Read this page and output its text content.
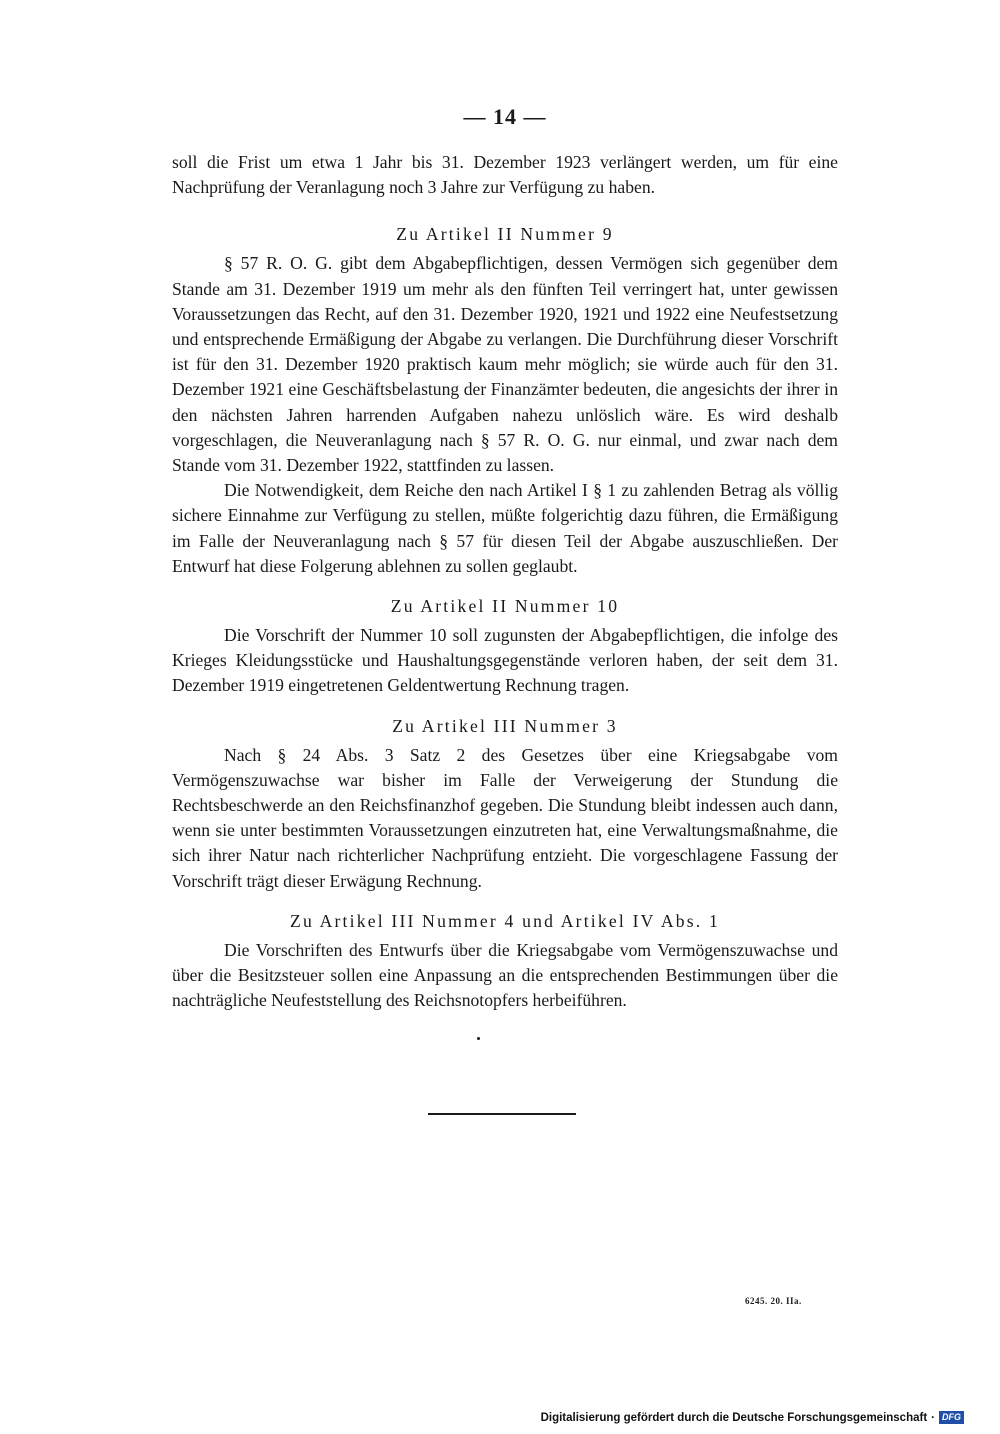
— 14 —

soll die Frist um etwa 1 Jahr bis 31. Dezember 1923 verlängert werden, um für eine Nachprüfung der Veranlagung noch 3 Jahre zur Verfügung zu haben.

Zu Artikel II Nummer 9

§ 57 R. O. G. gibt dem Abgabepflichtigen, dessen Vermögen sich gegenüber dem Stande am 31. Dezember 1919 um mehr als den fünften Teil verringert hat, unter gewissen Voraussetzungen das Recht, auf den 31. Dezember 1920, 1921 und 1922 eine Neufestsetzung und entsprechende Ermäßigung der Abgabe zu verlangen. Die Durchführung dieser Vorschrift ist für den 31. Dezember 1920 praktisch kaum mehr möglich; sie würde auch für den 31. Dezember 1921 eine Geschäftsbelastung der Finanzämter bedeuten, die angesichts der ihrer in den nächsten Jahren harrenden Aufgaben nahezu unlöslich wäre. Es wird deshalb vorgeschlagen, die Neuveranlagung nach § 57 R. O. G. nur einmal, und zwar nach dem Stande vom 31. Dezember 1922, stattfinden zu lassen.

Die Notwendigkeit, dem Reiche den nach Artikel I § 1 zu zahlenden Betrag als völlig sichere Einnahme zur Verfügung zu stellen, müßte folgerichtig dazu führen, die Ermäßigung im Falle der Neuveranlagung nach § 57 für diesen Teil der Abgabe auszuschließen. Der Entwurf hat diese Folgerung ablehnen zu sollen geglaubt.

Zu Artikel II Nummer 10

Die Vorschrift der Nummer 10 soll zugunsten der Abgabepflichtigen, die infolge des Krieges Kleidungsstücke und Haushaltungsgegenstände verloren haben, der seit dem 31. Dezember 1919 eingetretenen Geldentwertung Rechnung tragen.

Zu Artikel III Nummer 3

Nach § 24 Abs. 3 Satz 2 des Gesetzes über eine Kriegsabgabe vom Vermögenszuwachse war bisher im Falle der Verweigerung der Stundung die Rechtsbeschwerde an den Reichsfinanzhof gegeben. Die Stundung bleibt indessen auch dann, wenn sie unter bestimmten Voraussetzungen einzutreten hat, eine Verwaltungsmaßnahme, die sich ihrer Natur nach richterlicher Nachprüfung entzieht. Die vorgeschlagene Fassung der Vorschrift trägt dieser Erwägung Rechnung.

Zu Artikel III Nummer 4 und Artikel IV Abs. 1

Die Vorschriften des Entwurfs über die Kriegsabgabe vom Vermögenszuwachse und über die Besitzsteuer sollen eine Anpassung an die entsprechenden Bestimmungen über die nachträgliche Neufeststellung des Reichsnotopfers herbeiführen.

6245. 20. IIa.
Digitalisierung gefördert durch die Deutsche Forschungsgemeinschaft · DFG
